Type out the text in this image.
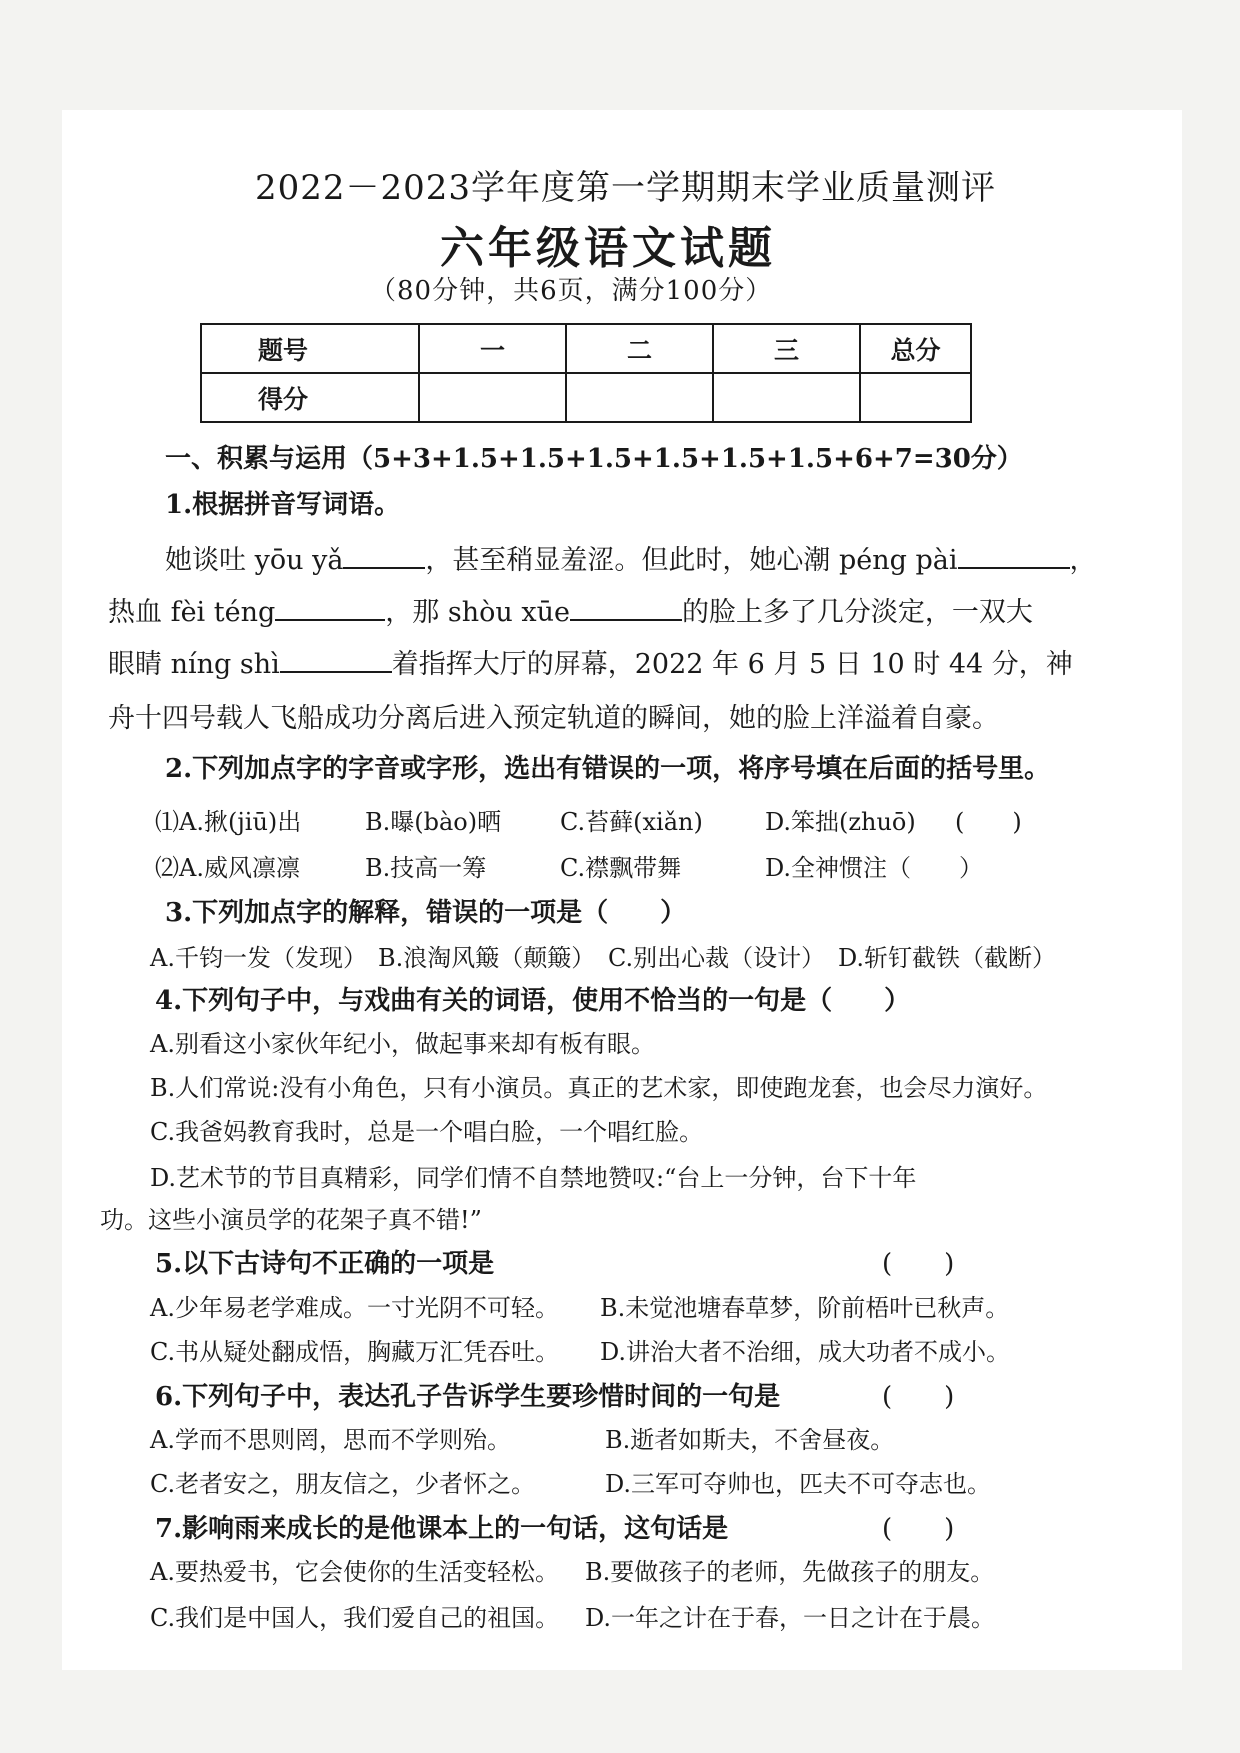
2022－2023学年度第一学期期末学业质量测评
六年级语文试题
（80分钟，共6页，满分100分）
题号	一	二	三	总分
得分				
一、积累与运用（5+3+1.5+1.5+1.5+1.5+1.5+1.5+6+7=30分）
1.根据拼音写词语。
她谈吐 yōu yǎ	，甚至稍显羞涩。但此时，她心潮 péng pài	，
热血 fèi téng	，那 shòu xūe	的脸上多了几分淡定，一双大
眼睛 níng shì	着指挥大厅的屏幕，2022 年 6 月 5 日 10 时 44 分，神
舟十四号载人飞船成功分离后进入预定轨道的瞬间，她的脸上洋溢着自豪。
2.下列加点字的字音或字形，选出有错误的一项，将序号填在后面的括号里。
⑴A.揪(jiū)出	B.曝(bào)晒 C.苔藓(xiǎn)	D.笨拙(zhuō) (　　)
⑵A.威风凛凛	B.技高一筹	C.襟飘带舞	D.全神惯注（　　）
3.下列加点字的解释，错误的一项是（　　）
A.千钧一发（发现） B.浪淘风簸（颠簸） C.别出心裁（设计） D.斩钉截铁（截断）
4.下列句子中，与戏曲有关的词语，使用不恰当的一句是（　　）
A.别看这小家伙年纪小，做起事来却有板有眼。
B.人们常说:没有小角色，只有小演员。真正的艺术家，即使跑龙套，也会尽力演好。
C.我爸妈教育我时，总是一个唱白脸，一个唱红脸。
D.艺术节的节目真精彩，同学们情不自禁地赞叹:“台上一分钟，台下十年
功。这些小演员学的花架子真不错!”
5.以下古诗句不正确的一项是	(　　)
A.少年易老学难成。一寸光阴不可轻。 B.未觉池塘春草梦，阶前梧叶已秋声。
C.书从疑处翻成悟，胸藏万汇凭吞吐。 D.讲治大者不治细，成大功者不成小。
6.下列句子中，表达孔子告诉学生要珍惜时间的一句是	(　　)
A.学而不思则罔，思而不学则殆。	B.逝者如斯夫，不舍昼夜。
C.老者安之，朋友信之，少者怀之。	D.三军可夺帅也，匹夫不可夺志也。
7.影响雨来成长的是他课本上的一句话，这句话是	(　　)
A.要热爱书，它会使你的生活变轻松。 B.要做孩子的老师，先做孩子的朋友。
C.我们是中国人，我们爱自己的祖国。 D.一年之计在于春，一日之计在于晨。
